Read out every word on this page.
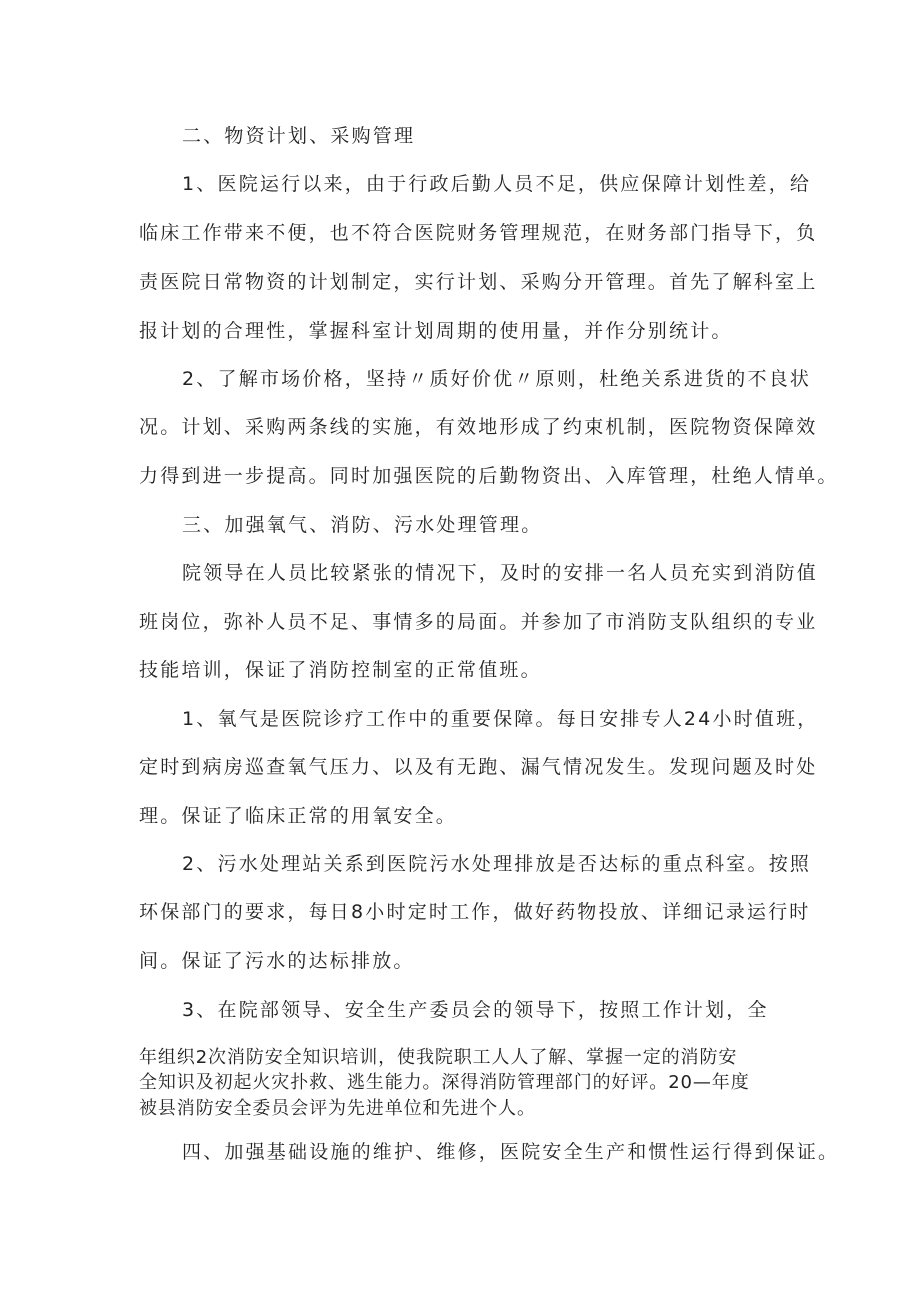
二、物资计划、采购管理
1、医院运行以来，由于行政后勤人员不足，供应保障计划性差，给
临床工作带来不便，也不符合医院财务管理规范，在财务部门指导下，负
责医院日常物资的计划制定，实行计划、采购分开管理。首先了解科室上
报计划的合理性，掌握科室计划周期的使用量，并作分别统计。
2、了解市场价格，坚持〃质好价优〃原则，杜绝关系进货的不良状
况。计划、采购两条线的实施，有效地形成了约束机制，医院物资保障效
力得到进一步提高。同时加强医院的后勤物资出、入库管理，杜绝人情单。
三、加强氧气、消防、污水处理管理。
院领导在人员比较紧张的情况下，及时的安排一名人员充实到消防值
班岗位，弥补人员不足、事情多的局面。并参加了市消防支队组织的专业
技能培训，保证了消防控制室的正常值班。
1、氧气是医院诊疗工作中的重要保障。每日安排专人24小时值班，
定时到病房巡查氧气压力、以及有无跑、漏气情况发生。发现问题及时处
理。保证了临床正常的用氧安全。
2、污水处理站关系到医院污水处理排放是否达标的重点科室。按照
环保部门的要求，每日8小时定时工作，做好药物投放、详细记录运行时
间。保证了污水的达标排放。
3、在院部领导、安全生产委员会的领导下，按照工作计划，全
年组织2次消防安全知识培训，使我院职工人人了解、掌握一定的消防安
全知识及初起火灾扑救、逃生能力。深得消防管理部门的好评。20—年度
被县消防安全委员会评为先进单位和先进个人。
四、加强基础设施的维护、维修，医院安全生产和惯性运行得到保证。
